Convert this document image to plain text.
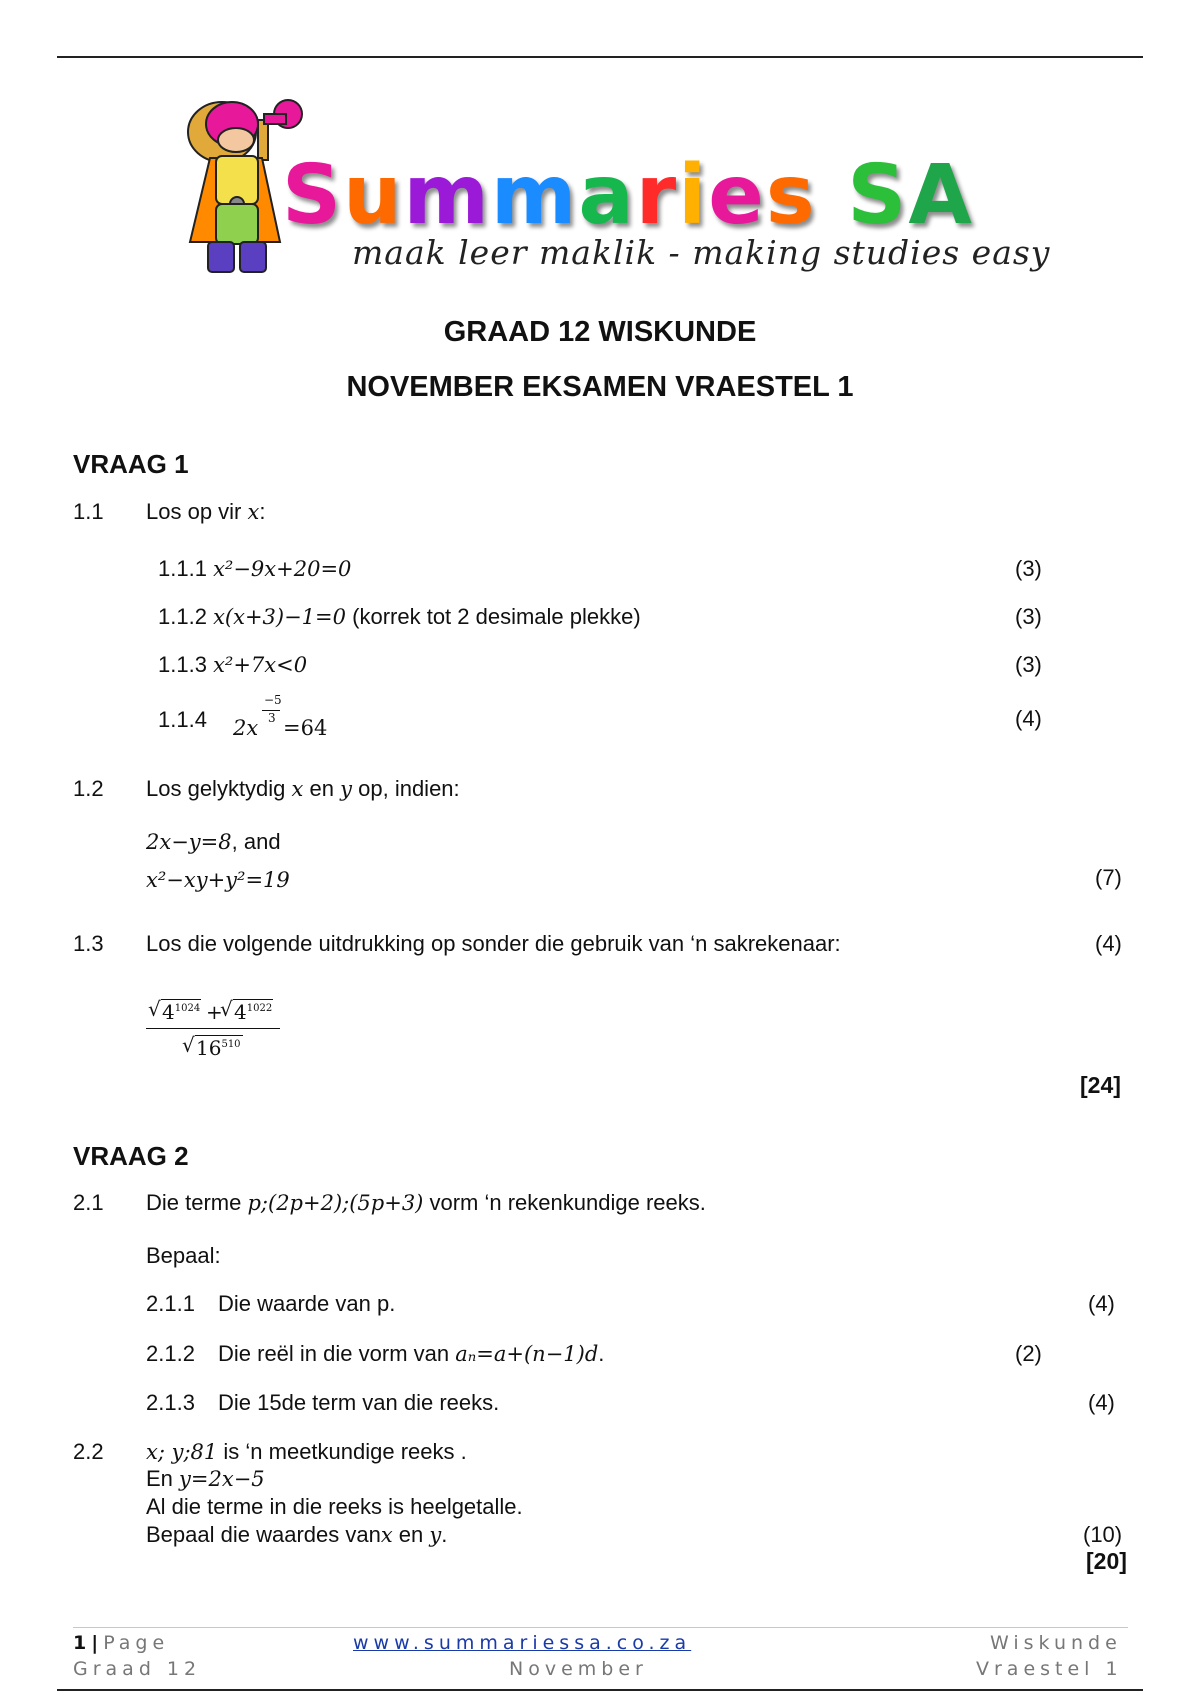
Summaries SA
maak leer maklik - making studies easy
GRAAD 12 WISKUNDE
NOVEMBER EKSAMEN VRAESTEL 1
VRAAG 1
1.1 Los op vir x:
1.1.1 x²−9x+20=0	(3)
1.1.2 x(x+3)−1=0 (korrek tot 2 desimale plekke)	(3)
1.1.3 x²+7x<0	(3)
1.1.4 2x
−5
3 =64	(4)
1.2 Los gelyktydig x en y op, indien:
2x−y=8, and
x²−xy+y²=19	(7)
1.3 Los die volgende uitdrukking op sonder die gebruik van ‘n sakrekenaar:	(4)
√ $4^{1024}$ +
√ $4^{1022}$
√ $16^{510}$
[24]
VRAAG 2
2.1 Die terme p;(2p+2);(5p+3) vorm ‘n rekenkundige reeks.
Bepaal:
2.1.1 Die waarde van p.	(4)
2.1.2 Die reël in die vorm van aₙ=a+(n−1)d.	(2)
2.1.3 Die 15de term van die reeks.	(4)
2.2 x; y;81 is ‘n meetkundige reeks .
En y=2x−5
Al die terme in die reeks is heelgetalle.
Bepaal die waardes vanx en y.	(10)
[20]
1|Page
Graad 12
www.summariessa.co.za
November
Wiskunde
Vraestel 1
